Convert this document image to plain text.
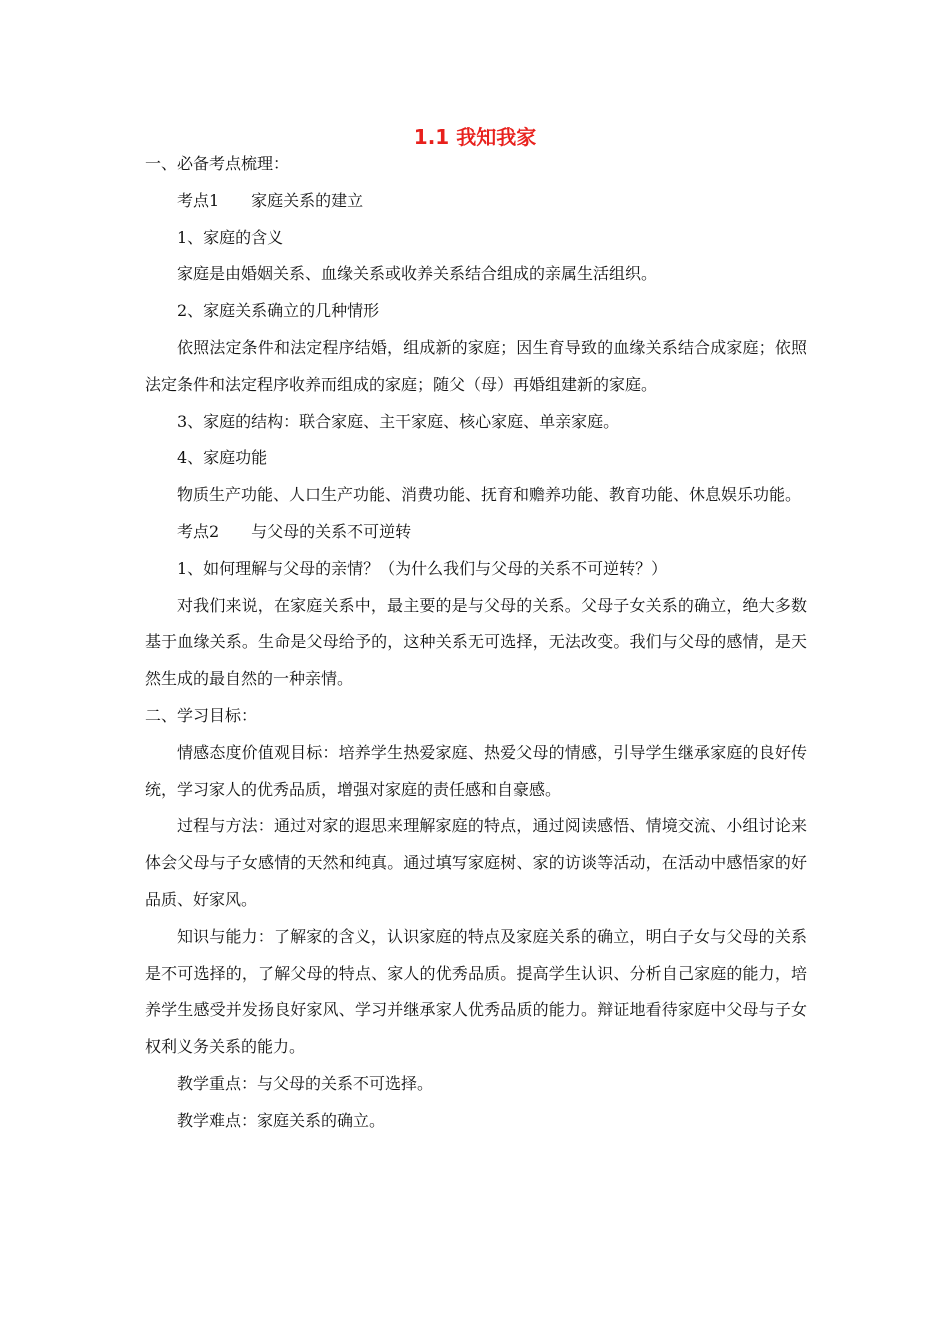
1.1 我知我家

一、必备考点梳理：

考点1　　家庭关系的建立

1、家庭的含义

家庭是由婚姻关系、血缘关系或收养关系结合组成的亲属生活组织。

2、家庭关系确立的几种情形

依照法定条件和法定程序结婚，组成新的家庭；因生育导致的血缘关系结合成家庭；依照法定条件和法定程序收养而组成的家庭；随父（母）再婚组建新的家庭。

3、家庭的结构：联合家庭、主干家庭、核心家庭、单亲家庭。

4、家庭功能

物质生产功能、人口生产功能、消费功能、抚育和赡养功能、教育功能、休息娱乐功能。

考点2　　与父母的关系不可逆转

1、如何理解与父母的亲情？（为什么我们与父母的关系不可逆转？）

对我们来说，在家庭关系中，最主要的是与父母的关系。父母子女关系的确立，绝大多数基于血缘关系。生命是父母给予的，这种关系无可选择，无法改变。我们与父母的感情，是天然生成的最自然的一种亲情。

二、学习目标：

情感态度价值观目标：培养学生热爱家庭、热爱父母的情感，引导学生继承家庭的良好传统，学习家人的优秀品质，增强对家庭的责任感和自豪感。

过程与方法：通过对家的遐思来理解家庭的特点，通过阅读感悟、情境交流、小组讨论来体会父母与子女感情的天然和纯真。通过填写家庭树、家的访谈等活动，在活动中感悟家的好品质、好家风。

知识与能力：了解家的含义，认识家庭的特点及家庭关系的确立，明白子女与父母的关系是不可选择的，了解父母的特点、家人的优秀品质。提高学生认识、分析自己家庭的能力，培养学生感受并发扬良好家风、学习并继承家人优秀品质的能力。辩证地看待家庭中父母与子女权利义务关系的能力。

教学重点：与父母的关系不可选择。

教学难点：家庭关系的确立。
